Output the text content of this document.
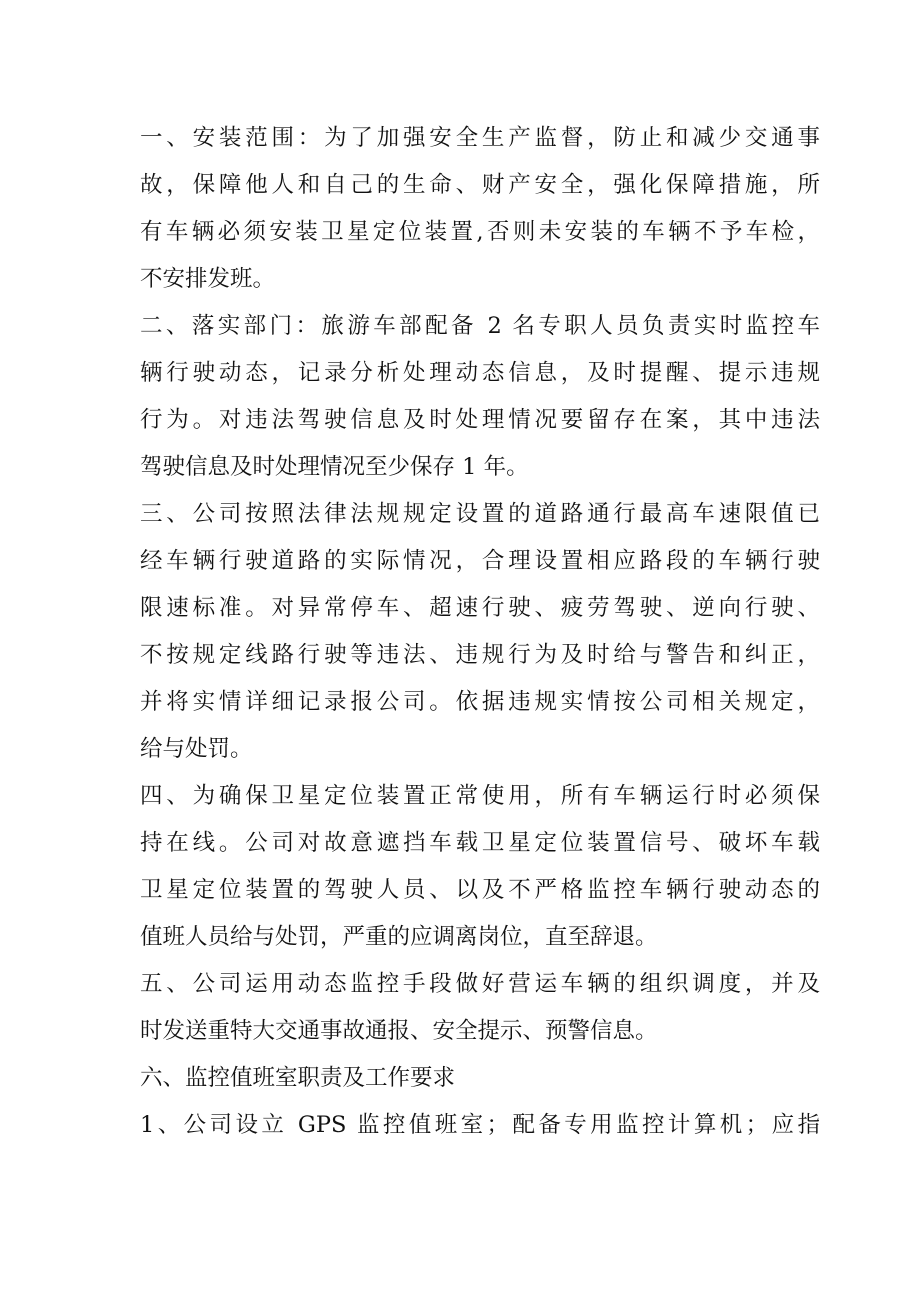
一、安装范围：为了加强安全生产监督，防止和减少交通事
故，保障他人和自己的生命、财产安全，强化保障措施，所
有车辆必须安装卫星定位装置,否则未安装的车辆不予车检，
不安排发班。
二、落实部门：旅游车部配备 2 名专职人员负责实时监控车
辆行驶动态，记录分析处理动态信息，及时提醒、提示违规
行为。对违法驾驶信息及时处理情况要留存在案，其中违法
驾驶信息及时处理情况至少保存 1 年。
三、公司按照法律法规规定设置的道路通行最高车速限值已
经车辆行驶道路的实际情况，合理设置相应路段的车辆行驶
限速标准。对异常停车、超速行驶、疲劳驾驶、逆向行驶、
不按规定线路行驶等违法、违规行为及时给与警告和纠正，
并将实情详细记录报公司。依据违规实情按公司相关规定，
给与处罚。
四、为确保卫星定位装置正常使用，所有车辆运行时必须保
持在线。公司对故意遮挡车载卫星定位装置信号、破坏车载
卫星定位装置的驾驶人员、以及不严格监控车辆行驶动态的
值班人员给与处罚，严重的应调离岗位，直至辞退。
五、公司运用动态监控手段做好营运车辆的组织调度，并及
时发送重特大交通事故通报、安全提示、预警信息。
六、监控值班室职责及工作要求
1、公司设立 GPS 监控值班室；配备专用监控计算机；应指
